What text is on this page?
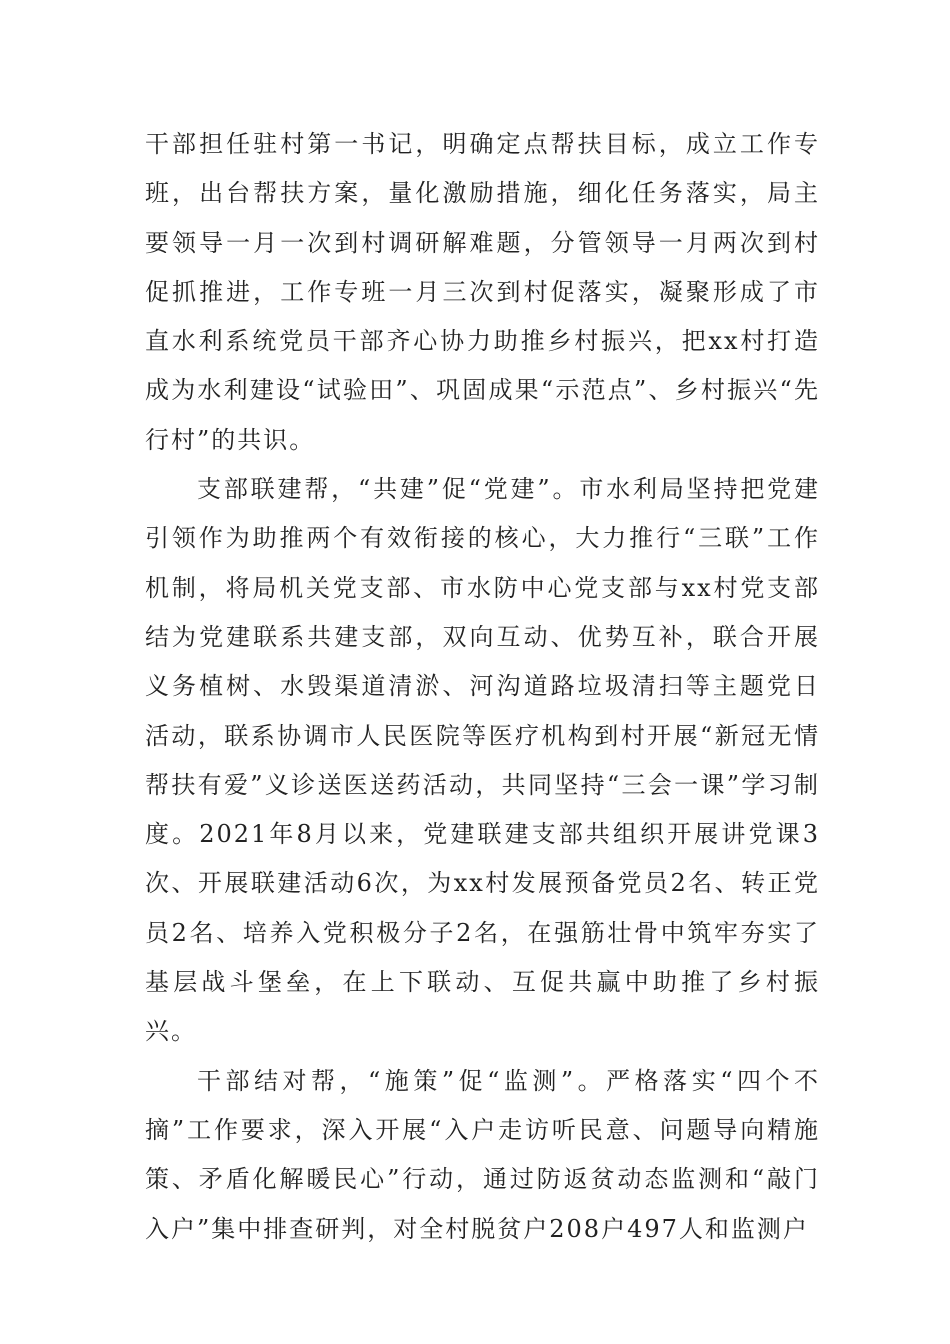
干部担任驻村第一书记，明确定点帮扶目标，成立工作专班，出台帮扶方案，量化激励措施，细化任务落实，局主要领导一月一次到村调研解难题，分管领导一月两次到村促抓推进，工作专班一月三次到村促落实，凝聚形成了市直水利系统党员干部齐心协力助推乡村振兴，把xx村打造成为水利建设“试验田”、巩固成果“示范点”、乡村振兴“先行村”的共识。

支部联建帮，“共建”促“党建”。市水利局坚持把党建引领作为助推两个有效衔接的核心，大力推行“三联”工作机制，将局机关党支部、市水防中心党支部与xx村党支部结为党建联系共建支部，双向互动、优势互补，联合开展义务植树、水毁渠道清淤、河沟道路垃圾清扫等主题党日活动，联系协调市人民医院等医疗机构到村开展“新冠无情　帮扶有爱”义诊送医送药活动，共同坚持“三会一课”学习制度。2021年8月以来，党建联建支部共组织开展讲党课3次、开展联建活动6次，为xx村发展预备党员2名、转正党员2名、培养入党积极分子2名，在强筋壮骨中筑牢夯实了基层战斗堡垒，在上下联动、互促共赢中助推了乡村振兴。

干部结对帮，“施策”促“监测”。严格落实“四个不摘”工作要求，深入开展“入户走访听民意、问题导向精施策、矛盾化解暖民心”行动，通过防返贫动态监测和“敲门入户”集中排查研判，对全村脱贫户208户497人和监测户
